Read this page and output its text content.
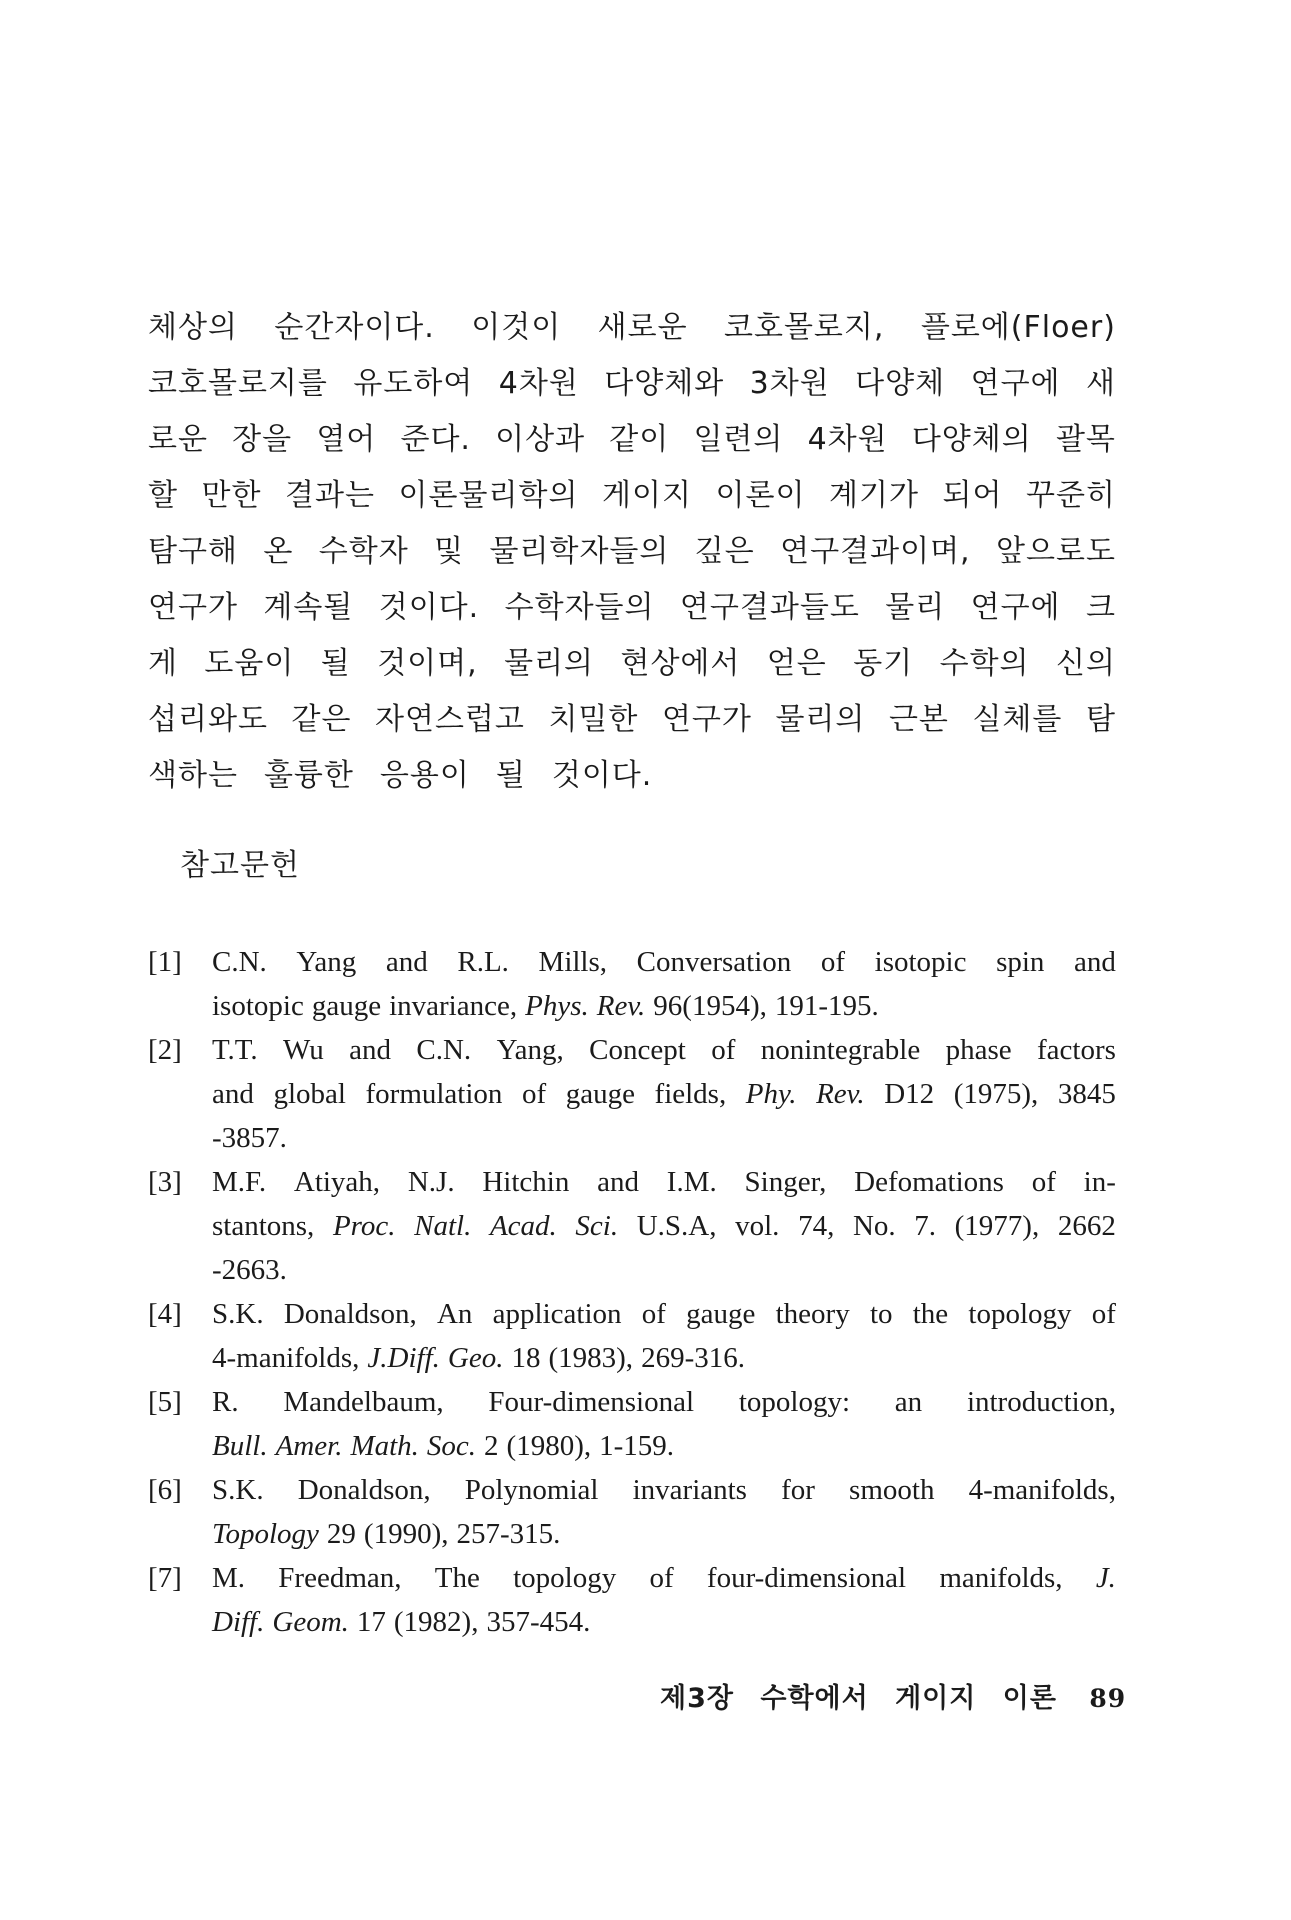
체상의 순간자이다. 이것이 새로운 코호몰로지, 플로에(Floer)
코호몰로지를 유도하여 4차원 다양체와 3차원 다양체 연구에 새
로운 장을 열어 준다. 이상과 같이 일련의 4차원 다양체의 괄목
할 만한 결과는 이론물리학의 게이지 이론이 계기가 되어 꾸준히
탐구해 온 수학자 및 물리학자들의 깊은 연구결과이며, 앞으로도
연구가 계속될 것이다. 수학자들의 연구결과들도 물리 연구에 크
게 도움이 될 것이며, 물리의 현상에서 얻은 동기 수학의 신의
섭리와도 같은 자연스럽고 치밀한 연구가 물리의 근본 실체를 탐
색하는 훌륭한 응용이 될 것이다.
참고문헌
[1] C.N. Yang and R.L. Mills, Conversation of isotopic spin and
isotopic gauge invariance, Phys. Rev. 96(1954), 191-195.
[2] T.T. Wu and C.N. Yang, Concept of nonintegrable phase factors
and global formulation of gauge fields, Phy. Rev. D12 (1975), 3845
-3857.
[3] M.F. Atiyah, N.J. Hitchin and I.M. Singer, Defomations of in-
stantons, Proc. Natl. Acad. Sci. U.S.A, vol. 74, No. 7. (1977), 2662
-2663.
[4] S.K. Donaldson, An application of gauge theory to the topology of
4-manifolds, J.Diff. Geo. 18 (1983), 269-316.
[5] R. Mandelbaum, Four-dimensional topology: an introduction,
Bull. Amer. Math. Soc. 2 (1980), 1-159.
[6] S.K. Donaldson, Polynomial invariants for smooth 4-manifolds,
Topology 29 (1990), 257-315.
[7] M. Freedman, The topology of four-dimensional manifolds, J.
Diff. Geom. 17 (1982), 357-454.
제3장 수학에서 게이지 이론 89
